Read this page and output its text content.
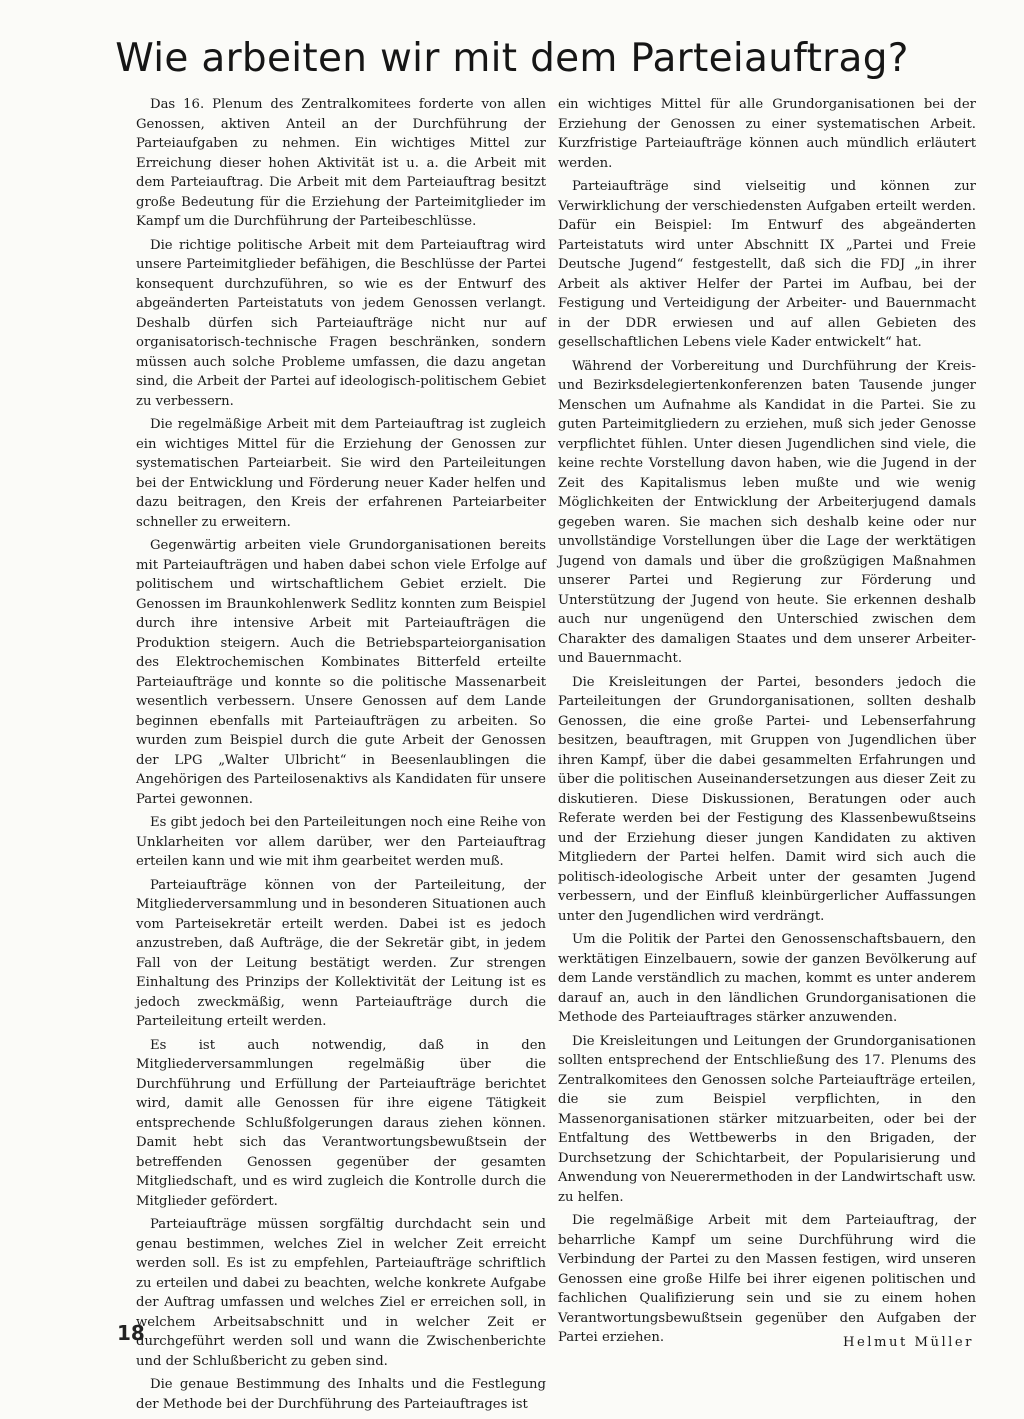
Wie arbeiten wir mit dem Parteiauftrag?

Das 16. Plenum des Zentralkomitees forderte von allen Genossen, aktiven Anteil an der Durchführung der Parteiaufgaben zu nehmen. Ein wichtiges Mittel zur Erreichung dieser hohen Aktivität ist u. a. die Arbeit mit dem Parteiauftrag. Die Arbeit mit dem Parteiauftrag besitzt große Bedeutung für die Erziehung der Parteimitglieder im Kampf um die Durchführung der Parteibeschlüsse.

Die richtige politische Arbeit mit dem Parteiauftrag wird unsere Parteimitglieder befähigen, die Beschlüsse der Partei konsequent durchzuführen, so wie es der Entwurf des abgeänderten Parteistatuts von jedem Genossen verlangt. Deshalb dürfen sich Parteiaufträge nicht nur auf organisatorisch-technische Fragen beschränken, sondern müssen auch solche Probleme umfassen, die dazu angetan sind, die Arbeit der Partei auf ideologisch-politischem Gebiet zu verbessern.

Die regelmäßige Arbeit mit dem Parteiauftrag ist zugleich ein wichtiges Mittel für die Erziehung der Genossen zur systematischen Parteiarbeit. Sie wird den Parteileitungen bei der Entwicklung und Förderung neuer Kader helfen und dazu beitragen, den Kreis der erfahrenen Parteiarbeiter schneller zu erweitern.

Gegenwärtig arbeiten viele Grundorganisationen bereits mit Parteiaufträgen und haben dabei schon viele Erfolge auf politischem und wirtschaftlichem Gebiet erzielt. Die Genossen im Braunkohlenwerk Sedlitz konnten zum Beispiel durch ihre intensive Arbeit mit Parteiaufträgen die Produktion steigern. Auch die Betriebsparteiorganisation des Elektrochemischen Kombinates Bitterfeld erteilte Parteiaufträge und konnte so die politische Massenarbeit wesentlich verbessern. Unsere Genossen auf dem Lande beginnen ebenfalls mit Parteiaufträgen zu arbeiten. So wurden zum Beispiel durch die gute Arbeit der Genossen der LPG „Walter Ulbricht“ in Beesenlaublingen die Angehörigen des Parteilosenaktivs als Kandidaten für unsere Partei gewonnen.

Es gibt jedoch bei den Parteileitungen noch eine Reihe von Unklarheiten vor allem darüber, wer den Parteiauftrag erteilen kann und wie mit ihm gearbeitet werden muß.

Parteiaufträge können von der Parteileitung, der Mitgliederversammlung und in besonderen Situationen auch vom Parteisekretär erteilt werden. Dabei ist es jedoch anzustreben, daß Aufträge, die der Sekretär gibt, in jedem Fall von der Leitung bestätigt werden. Zur strengen Einhaltung des Prinzips der Kollektivität der Leitung ist es jedoch zweckmäßig, wenn Parteiaufträge durch die Parteileitung erteilt werden.

Es ist auch notwendig, daß in den Mitgliederversammlungen regelmäßig über die Durchführung und Erfüllung der Parteiaufträge berichtet wird, damit alle Genossen für ihre eigene Tätigkeit entsprechende Schlußfolgerungen daraus ziehen können. Damit hebt sich das Verantwortungsbewußtsein der betreffenden Genossen gegenüber der gesamten Mitgliedschaft, und es wird zugleich die Kontrolle durch die Mitglieder gefördert.

Parteiaufträge müssen sorgfältig durchdacht sein und genau bestimmen, welches Ziel in welcher Zeit erreicht werden soll. Es ist zu empfehlen, Parteiaufträge schriftlich zu erteilen und dabei zu beachten, welche konkrete Aufgabe der Auftrag umfassen und welches Ziel er erreichen soll, in welchem Arbeitsabschnitt und in welcher Zeit er durchgeführt werden soll und wann die Zwischenberichte und der Schlußbericht zu geben sind.

Die genaue Bestimmung des Inhalts und die Festlegung der Methode bei der Durchführung des Parteiauftrages ist

ein wichtiges Mittel für alle Grundorganisationen bei der Erziehung der Genossen zu einer systematischen Arbeit. Kurzfristige Parteiaufträge können auch mündlich erläutert werden.

Parteiaufträge sind vielseitig und können zur Verwirklichung der verschiedensten Aufgaben erteilt werden. Dafür ein Beispiel: Im Entwurf des abgeänderten Parteistatuts wird unter Abschnitt IX „Partei und Freie Deutsche Jugend“ festgestellt, daß sich die FDJ „in ihrer Arbeit als aktiver Helfer der Partei im Aufbau, bei der Festigung und Verteidigung der Arbeiter- und Bauernmacht in der DDR erwiesen und auf allen Gebieten des gesellschaftlichen Lebens viele Kader entwickelt“ hat.

Während der Vorbereitung und Durchführung der Kreis- und Bezirksdelegiertenkonferenzen baten Tausende junger Menschen um Aufnahme als Kandidat in die Partei. Sie zu guten Parteimitgliedern zu erziehen, muß sich jeder Genosse verpflichtet fühlen. Unter diesen Jugendlichen sind viele, die keine rechte Vorstellung davon haben, wie die Jugend in der Zeit des Kapitalismus leben mußte und wie wenig Möglichkeiten der Entwicklung der Arbeiterjugend damals gegeben waren. Sie machen sich deshalb keine oder nur unvollständige Vorstellungen über die Lage der werktätigen Jugend von damals und über die großzügigen Maßnahmen unserer Partei und Regierung zur Förderung und Unterstützung der Jugend von heute. Sie erkennen deshalb auch nur ungenügend den Unterschied zwischen dem Charakter des damaligen Staates und dem unserer Arbeiter- und Bauernmacht.

Die Kreisleitungen der Partei, besonders jedoch die Parteileitungen der Grundorganisationen, sollten deshalb Genossen, die eine große Partei- und Lebenserfahrung besitzen, beauftragen, mit Gruppen von Jugendlichen über ihren Kampf, über die dabei gesammelten Erfahrungen und über die politischen Auseinandersetzungen aus dieser Zeit zu diskutieren. Diese Diskussionen, Beratungen oder auch Referate werden bei der Festigung des Klassenbewußtseins und der Erziehung dieser jungen Kandidaten zu aktiven Mitgliedern der Partei helfen. Damit wird sich auch die politisch-ideologische Arbeit unter der gesamten Jugend verbessern, und der Einfluß kleinbürgerlicher Auffassungen unter den Jugendlichen wird verdrängt.

Um die Politik der Partei den Genossenschaftsbauern, den werktätigen Einzelbauern, sowie der ganzen Bevölkerung auf dem Lande verständlich zu machen, kommt es unter anderem darauf an, auch in den ländlichen Grundorganisationen die Methode des Parteiauftrages stärker anzuwenden.

Die Kreisleitungen und Leitungen der Grundorganisationen sollten entsprechend der Entschließung des 17. Plenums des Zentralkomitees den Genossen solche Parteiaufträge erteilen, die sie zum Beispiel verpflichten, in den Massenorganisationen stärker mitzuarbeiten, oder bei der Entfaltung des Wettbewerbs in den Brigaden, der Durchsetzung der Schichtarbeit, der Popularisierung und Anwendung von Neuerermethoden in der Landwirtschaft usw. zu helfen.

Die regelmäßige Arbeit mit dem Parteiauftrag, der beharrliche Kampf um seine Durchführung wird die Verbindung der Partei zu den Massen festigen, wird unseren Genossen eine große Hilfe bei ihrer eigenen politischen und fachlichen Qualifizierung sein und sie zu einem hohen Verantwortungsbewußtsein gegenüber den Aufgaben der Partei erziehen.	Helmut Müller
18
